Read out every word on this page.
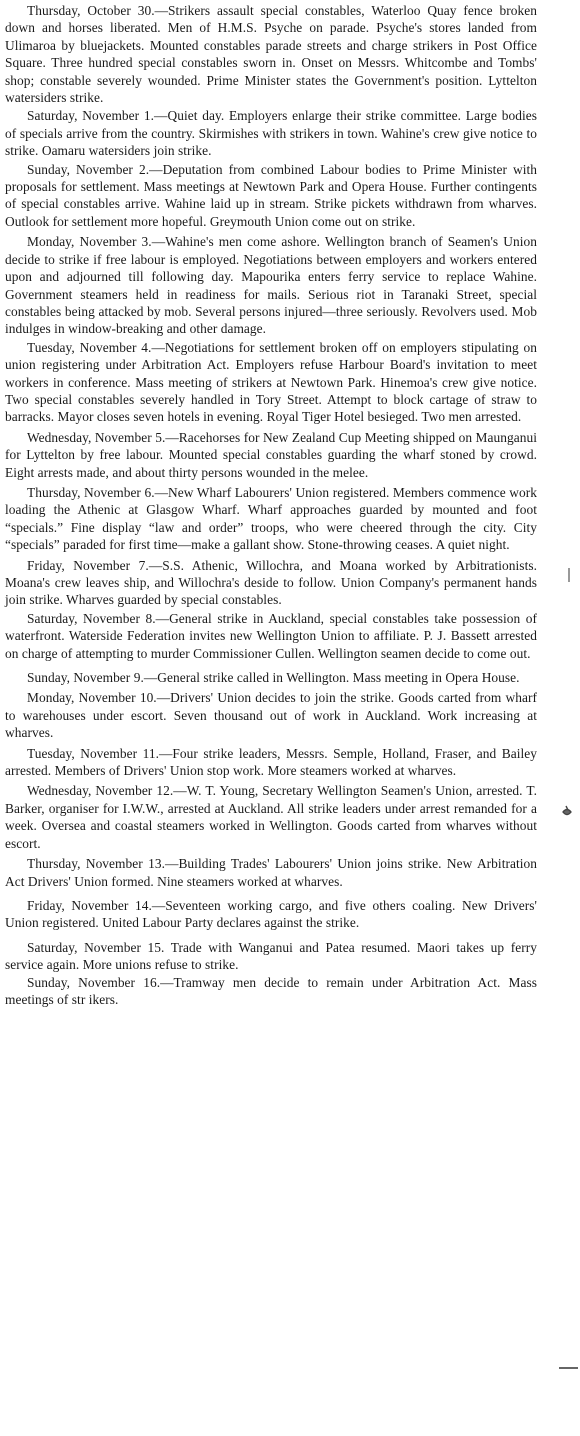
Thursday, October 30.—Strikers assault special constables, Waterloo Quay fence broken down and horses liberated. Men of H.M.S. Psyche on parade. Psyche's stores landed from Ulimaroa by bluejackets. Mounted constables parade streets and charge strikers in Post Office Square. Three hundred special constables sworn in. Onset on Messrs. Whitcombe and Tombs' shop; constable severely wounded. Prime Minister states the Government's position. Lyttelton watersiders strike.

Saturday, November 1.—Quiet day. Employers enlarge their strike committee. Large bodies of specials arrive from the country. Skirmishes with strikers in town. Wahine's crew give notice to strike. Oamaru watersiders join strike.

Sunday, November 2.—Deputation from combined Labour bodies to Prime Minister with proposals for settlement. Mass meetings at Newtown Park and Opera House. Further contingents of special constables arrive. Wahine laid up in stream. Strike pickets withdrawn from wharves. Outlook for settlement more hopeful. Greymouth Union come out on strike.

Monday, November 3.—Wahine's men come ashore. Wellington branch of Seamen's Union decide to strike if free labour is employed. Negotiations between employers and workers entered upon and adjourned till following day. Mapourika enters ferry service to replace Wahine. Government steamers held in readiness for mails. Serious riot in Taranaki Street, special constables being attacked by mob. Several persons injured—three seriously. Revolvers used. Mob indulges in window-breaking and other damage.

Tuesday, November 4.—Negotiations for settlement broken off on employers stipulating on union registering under Arbitration Act. Employers refuse Harbour Board's invitation to meet workers in conference. Mass meeting of strikers at Newtown Park. Hinemoa's crew give notice. Two special constables severely handled in Tory Street. Attempt to block cartage of straw to barracks. Mayor closes seven hotels in evening. Royal Tiger Hotel besieged. Two men arrested.

Wednesday, November 5.—Racehorses for New Zealand Cup Meeting shipped on Maunganui for Lyttelton by free labour. Mounted special constables guarding the wharf stoned by crowd. Eight arrests made, and about thirty persons wounded in the melee.

Thursday, November 6.—New Wharf Labourers' Union registered. Members commence work loading the Athenic at Glasgow Wharf. Wharf approaches guarded by mounted and foot “specials.” Fine display “law and order” troops, who were cheered through the city. City “specials” paraded for first time—make a gallant show. Stone-throwing ceases. A quiet night.

Friday, November 7.—S.S. Athenic, Willochra, and Moana worked by Arbitrationists. Moana's crew leaves ship, and Willochra's deside to follow. Union Company's permanent hands join strike. Wharves guarded by special constables.

Saturday, November 8.—General strike in Auckland, special constables take possession of waterfront. Waterside Federation invites new Wellington Union to affiliate. P. J. Bassett arrested on charge of attempting to murder Commissioner Cullen. Wellington seamen decide to come out.

Sunday, November 9.—General strike called in Wellington. Mass meeting in Opera House.

Monday, November 10.—Drivers' Union decides to join the strike. Goods carted from wharf to warehouses under escort. Seven thousand out of work in Auckland. Work increasing at wharves.

Tuesday, November 11.—Four strike leaders, Messrs. Semple, Holland, Fraser, and Bailey arrested. Members of Drivers' Union stop work. More steamers worked at wharves.

Wednesday, November 12.—W. T. Young, Secretary Wellington Seamen's Union, arrested. T. Barker, organiser for I.W.W., arrested at Auckland. All strike leaders under arrest remanded for a week. Oversea and coastal steamers worked in Wellington. Goods carted from wharves without escort.

Thursday, November 13.—Building Trades' Labourers' Union joins strike. New Arbitration Act Drivers' Union formed. Nine steamers worked at wharves.

Friday, November 14.—Seventeen working cargo, and five others coaling. New Drivers' Union registered. United Labour Party declares against the strike.

Saturday, November 15. Trade with Wanganui and Patea resumed. Maori takes up ferry service again. More unions refuse to strike.

Sunday, November 16.—Tramway men decide to remain under Arbitration Act. Mass meetings of str ikers.
